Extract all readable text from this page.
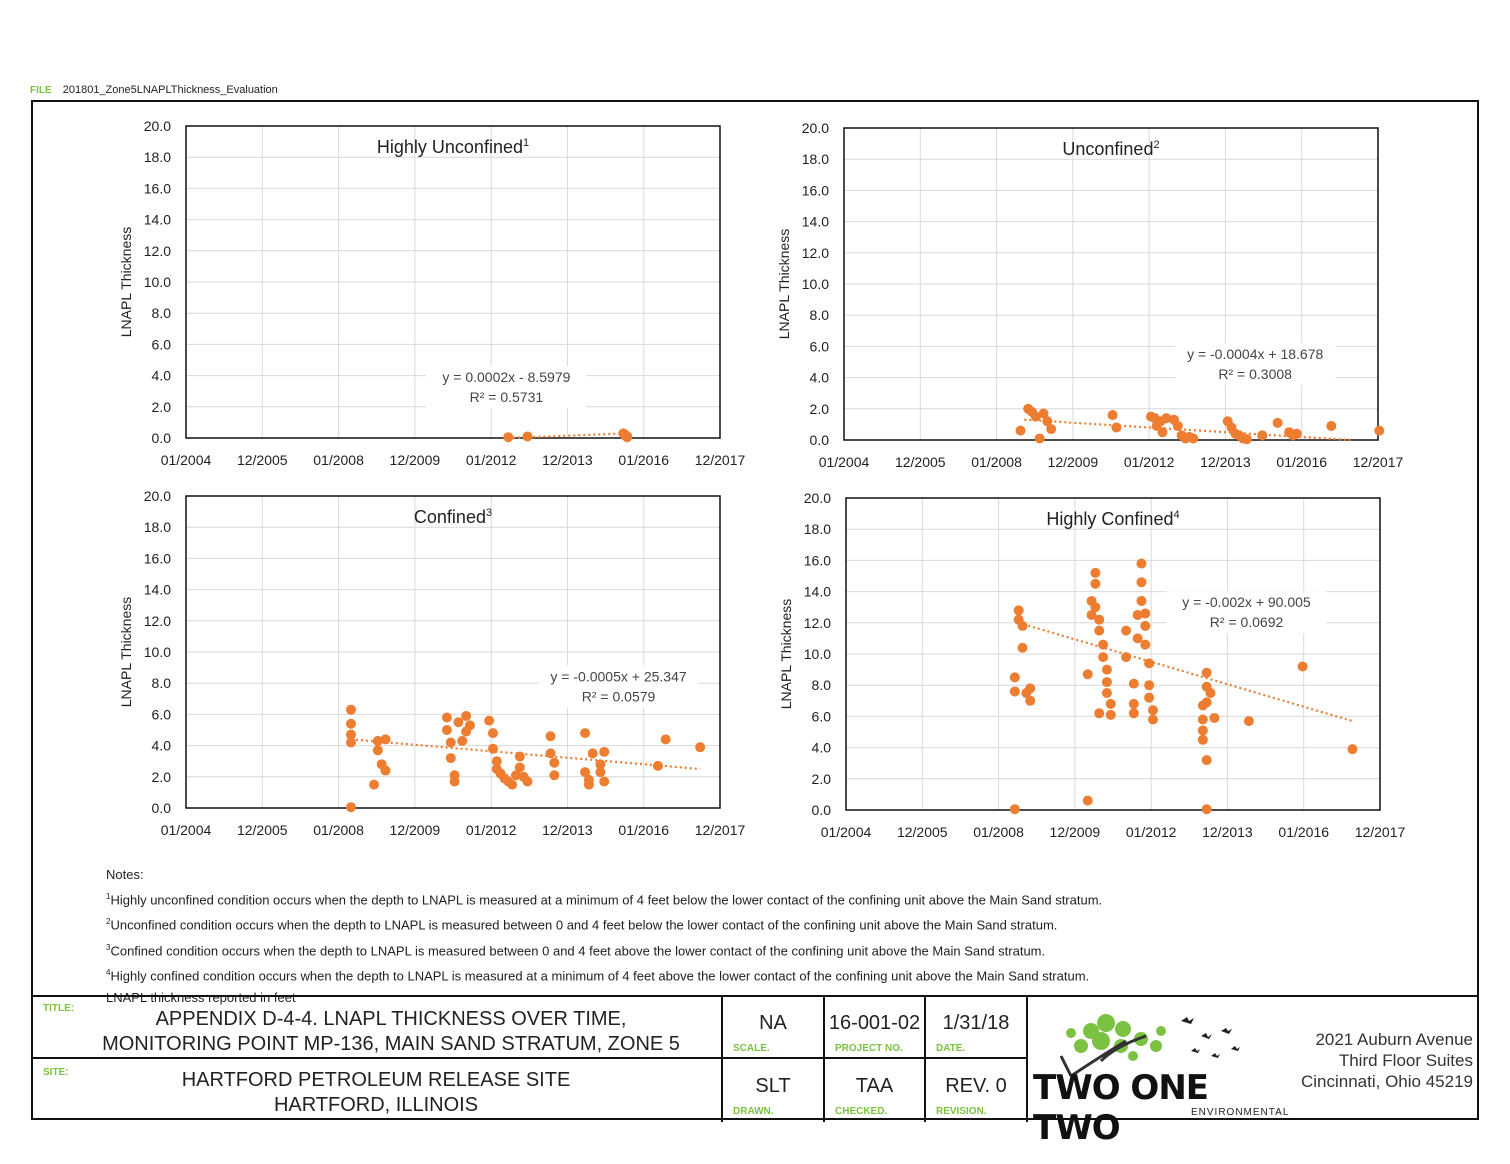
FILE 201801_Zone5LNAPLThickness_Evaluation
0.0
2.0
4.0
6.0
8.0
10.0
12.0
14.0
16.0
18.0
20.0
01/2004 12/2005 01/2008 12/2009 01/2012 12/2013 01/2016 12/2017
LNAPL Thickness
Highly Unconfined$^1$
y = 0.0002x - 8.5979
R² = 0.5731
0.0
2.0
4.0
6.0
8.0
10.0
12.0
14.0
16.0
18.0
20.0
01/2004 12/2005 01/2008 12/2009 01/2012 12/2013 01/2016 12/2017
LNAPL Thickness
Unconfined$^2$
y = -0.0004x + 18.678
R² = 0.3008
0.0
2.0
4.0
6.0
8.0
10.0
12.0
14.0
16.0
18.0
20.0
01/2004 12/2005 01/2008 12/2009 01/2012 12/2013 01/2016 12/2017
LNAPL Thickness
Confined$^3$
y = -0.0005x + 25.347
R² = 0.0579
0.0
2.0
4.0
6.0
8.0
10.0
12.0
14.0
16.0
18.0
20.0
01/2004 12/2005 01/2008 12/2009 01/2012 12/2013 01/2016 12/2017
LNAPL Thickness
Highly Confined$^4$
y = -0.002x + 90.005
R² = 0.0692
Notes:
$^1$Highly unconfined condition occurs when the depth to LNAPL is measured at a minimum of 4 feet below the lower contact of the confining unit above the Main Sand stratum.
$^2$Unconfined condition occurs when the depth to LNAPL is measured between 0 and 4 feet below the lower contact of the confining unit above the Main Sand stratum.
$^3$Confined condition occurs when the depth to LNAPL is measured between 0 and 4 feet above the lower contact of the confining unit above the Main Sand stratum.
$^4$Highly confined condition occurs when the depth to LNAPL is measured at a minimum of 4 feet above the lower contact of the confining unit above the Main Sand stratum.
LNAPL thickness reported in feet
TITLE:	APPENDIX D-4-4. LNAPL THICKNESS OVER TIME,
MONITORING POINT MP-136, MAIN SAND STRATUM, ZONE 5
SITE:	HARTFORD PETROLEUM RELEASE SITE
HARTFORD, ILLINOIS
NA
SCALE.
16-001-02
PROJECT NO.
1/31/18
DATE.
SLT
DRAWN.
TAA
CHECKED.
REV. 0
REVISION.
TWO ONE TWO	ENVIRONMENTAL
2021 Auburn Avenue
Third Floor Suites
Cincinnati, Ohio 45219
